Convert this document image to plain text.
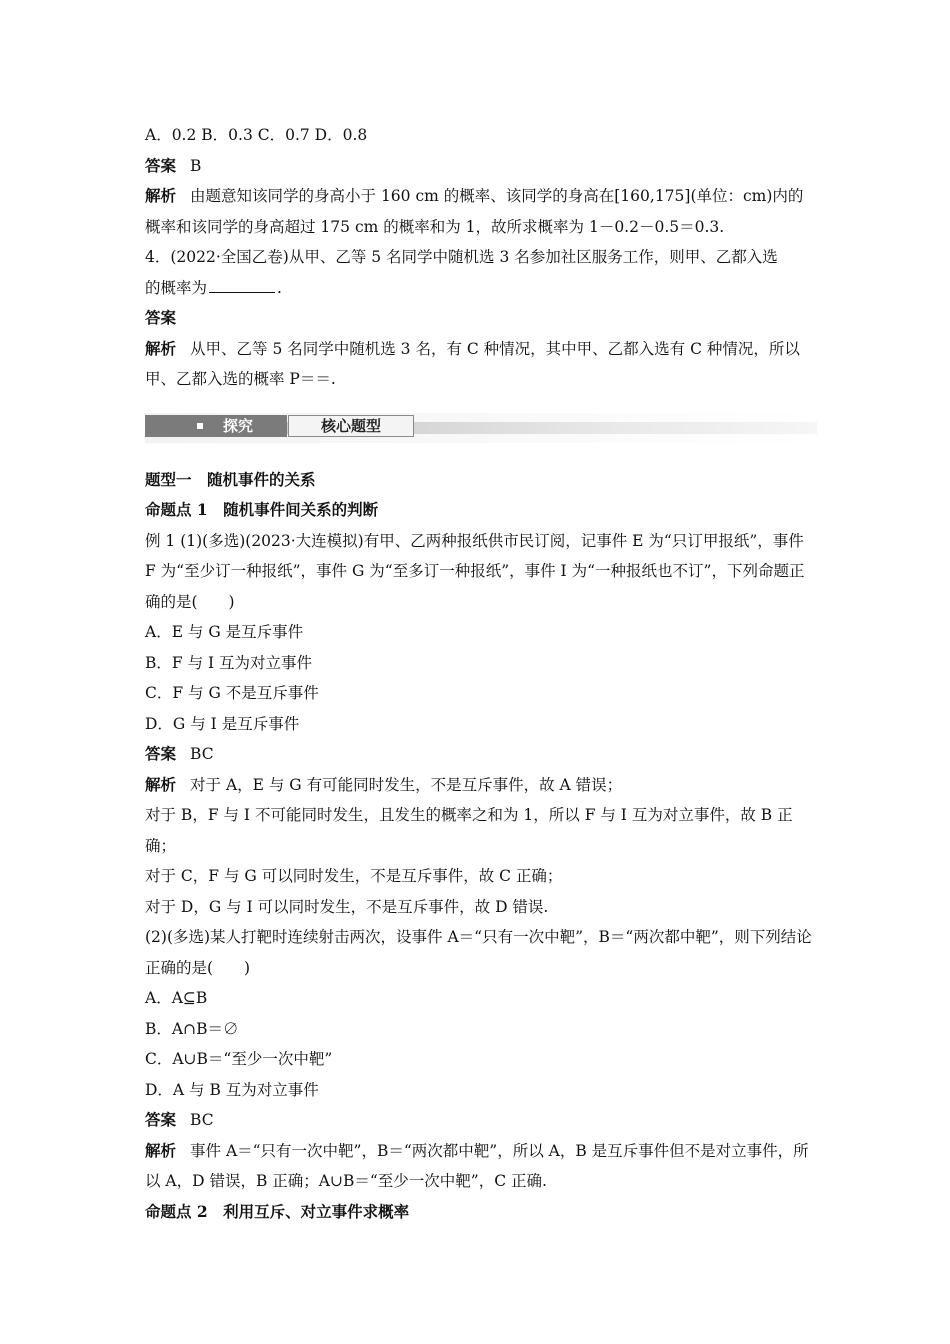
A．0.2 B．0.3 C．0.7 D．0.8
答案 B
解析 由题意知该同学的身高小于 160 cm 的概率、该同学的身高在[160,175](单位：cm)内的概率和该同学的身高超过 175 cm 的概率和为 1，故所求概率为 1－0.2－0.5＝0.3.
4．(2022·全国乙卷)从甲、乙等 5 名同学中随机选 3 名参加社区服务工作，则甲、乙都入选
的概率为	.
答案
解析 从甲、乙等 5 名同学中随机选 3 名，有 C 种情况，其中甲、乙都入选有 C 种情况，所以甲、乙都入选的概率 P＝＝.
探究	核心题型
题型一　随机事件的关系
命题点 1　随机事件间关系的判断
例 1 (1)(多选)(2023·大连模拟)有甲、乙两种报纸供市民订阅，记事件 E 为“只订甲报纸”，事件 F 为“至少订一种报纸”，事件 G 为“至多订一种报纸”，事件 I 为“一种报纸也不订”，下列命题正确的是(　　)
A．E 与 G 是互斥事件
B．F 与 I 互为对立事件
C．F 与 G 不是互斥事件
D．G 与 I 是互斥事件
答案 BC
解析 对于 A，E 与 G 有可能同时发生，不是互斥事件，故 A 错误；
对于 B，F 与 I 不可能同时发生，且发生的概率之和为 1，所以 F 与 I 互为对立事件，故 B 正确；
对于 C，F 与 G 可以同时发生，不是互斥事件，故 C 正确；
对于 D，G 与 I 可以同时发生，不是互斥事件，故 D 错误.
(2)(多选)某人打靶时连续射击两次，设事件 A＝“只有一次中靶”，B＝“两次都中靶”，则下列结论正确的是(　　)
A．A⊆B
B．A∩B＝∅
C．A∪B＝“至少一次中靶”
D．A 与 B 互为对立事件
答案 BC
解析 事件 A＝“只有一次中靶”，B＝“两次都中靶”，所以 A，B 是互斥事件但不是对立事件，所以 A，D 错误，B 正确；A∪B＝“至少一次中靶”，C 正确.
命题点 2　利用互斥、对立事件求概率
